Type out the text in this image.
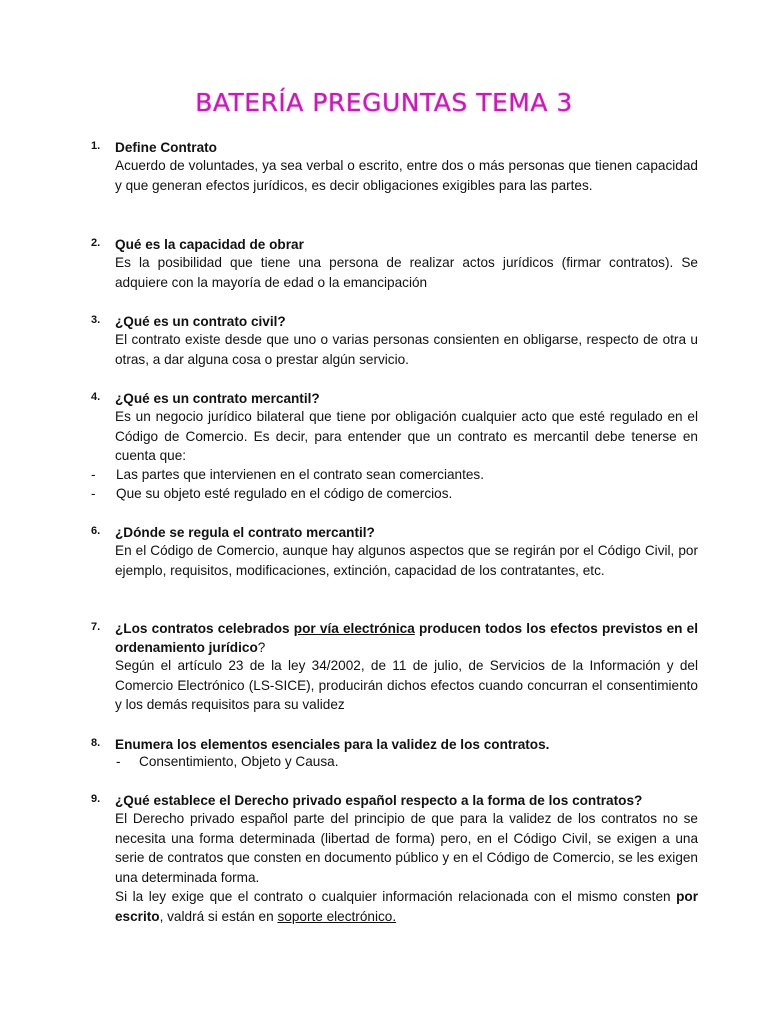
BATERÍA PREGUNTAS TEMA 3
1. Define Contrato
Acuerdo de voluntades, ya sea verbal o escrito, entre dos o más personas que tienen capacidad y que generan efectos jurídicos, es decir obligaciones exigibles para las partes.
2. Qué es la capacidad de obrar
Es la posibilidad que tiene una persona de realizar actos jurídicos (firmar contratos). Se adquiere con la mayoría de edad o la emancipación
3. ¿Qué es un contrato civil?
El contrato existe desde que uno o varias personas consienten en obligarse, respecto de otra u otras, a dar alguna cosa o prestar algún servicio.
4. ¿Qué es un contrato mercantil?
Es un negocio jurídico bilateral que tiene por obligación cualquier acto que esté regulado en el Código de Comercio. Es decir, para entender que un contrato es mercantil debe tenerse en cuenta que:
- Las partes que intervienen en el contrato sean comerciantes.
- Que su objeto esté regulado en el código de comercios.
6. ¿Dónde se regula el contrato mercantil?
En el Código de Comercio, aunque hay algunos aspectos que se regirán por el Código Civil, por ejemplo, requisitos, modificaciones, extinción, capacidad de los contratantes, etc.
7. ¿Los contratos celebrados por vía electrónica producen todos los efectos previstos en el ordenamiento jurídico?
Según el artículo 23 de la ley 34/2002, de 11 de julio, de Servicios de la Información y del Comercio Electrónico (LS-SICE), producirán dichos efectos cuando concurran el consentimiento y los demás requisitos para su validez
8. Enumera los elementos esenciales para la validez de los contratos.
- Consentimiento, Objeto y Causa.
9. ¿Qué establece el Derecho privado español respecto a la forma de los contratos?
El Derecho privado español parte del principio de que para la validez de los contratos no se necesita una forma determinada (libertad de forma) pero, en el Código Civil, se exigen a una serie de contratos que consten en documento público y en el Código de Comercio, se les exigen una determinada forma.
Si la ley exige que el contrato o cualquier información relacionada con el mismo consten por escrito, valdrá si están en soporte electrónico.
